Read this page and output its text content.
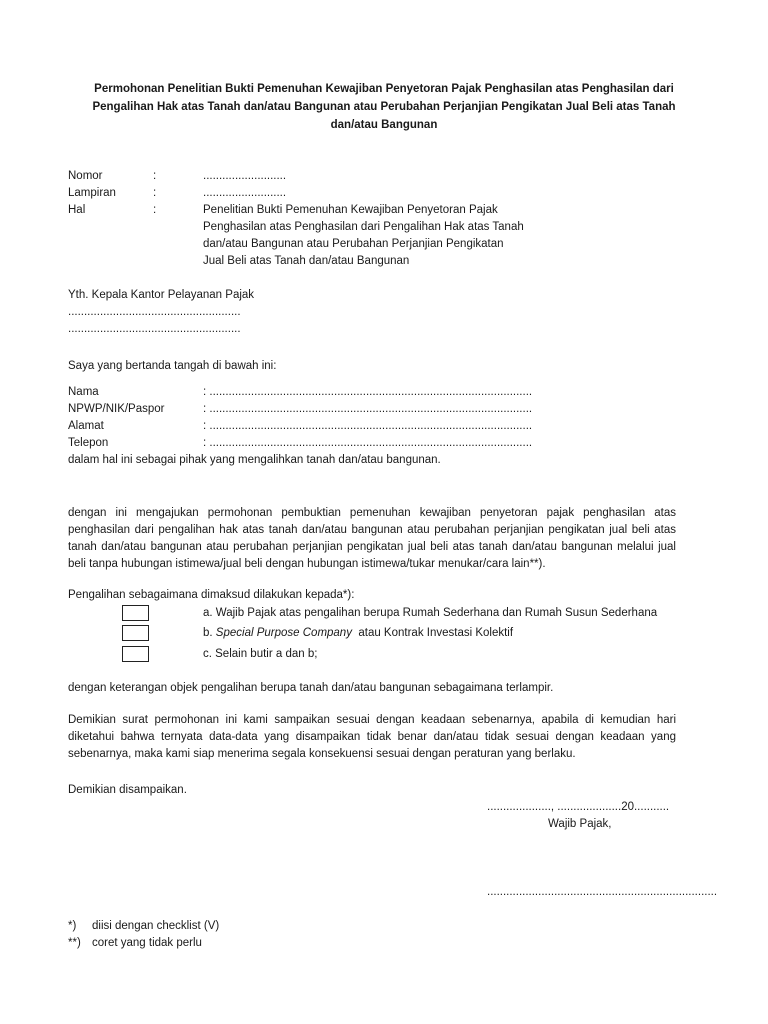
Permohonan Penelitian Bukti Pemenuhan Kewajiban Penyetoran Pajak Penghasilan atas Penghasilan dari
Pengalihan Hak atas Tanah dan/atau Bangunan atau Perubahan Perjanjian Pengikatan Jual Beli atas Tanah
dan/atau Bangunan
Nomor	:	..........................
Lampiran	:	..........................
Hal	:	Penelitian Bukti Pemenuhan Kewajiban Penyetoran Pajak
Penghasilan atas Penghasilan dari Pengalihan Hak atas Tanah
dan/atau Bangunan atau Perubahan Perjanjian Pengikatan
Jual Beli atas Tanah dan/atau Bangunan
Yth. Kepala Kantor Pelayanan Pajak
......................................................
......................................................
Saya yang bertanda tangah di bawah ini:
Nama	: .....................................................................................................
NPWP/NIK/Paspor	: .....................................................................................................
Alamat	: .....................................................................................................
Telepon	: .....................................................................................................
dalam hal ini sebagai pihak yang mengalihkan tanah dan/atau bangunan.
dengan ini mengajukan permohonan pembuktian pemenuhan kewajiban penyetoran pajak penghasilan atas penghasilan dari pengalihan hak atas tanah dan/atau bangunan atau perubahan perjanjian pengikatan jual beli atas tanah dan/atau bangunan atau perubahan perjanjian pengikatan jual beli atas tanah dan/atau bangunan melalui jual beli tanpa hubungan istimewa/jual beli dengan hubungan istimewa/tukar menukar/cara lain**).
Pengalihan sebagaimana dimaksud dilakukan kepada*):
a. Wajib Pajak atas pengalihan berupa Rumah Sederhana dan Rumah Susun Sederhana
b. Special Purpose Company  atau Kontrak Investasi Kolektif
c. Selain butir a dan b;
dengan keterangan objek pengalihan berupa tanah dan/atau bangunan sebagaimana terlampir.
Demikian surat permohonan ini kami sampaikan sesuai dengan keadaan sebenarnya, apabila di kemudian hari diketahui bahwa ternyata data-data yang disampaikan tidak benar dan/atau tidak sesuai dengan keadaan yang sebenarnya, maka kami siap menerima segala konsekuensi sesuai dengan peraturan yang berlaku.
Demikian disampaikan.
...................., ....................20...........
Wajib Pajak,
........................................................................
*) diisi dengan checklist (V)
**) coret yang tidak perlu
